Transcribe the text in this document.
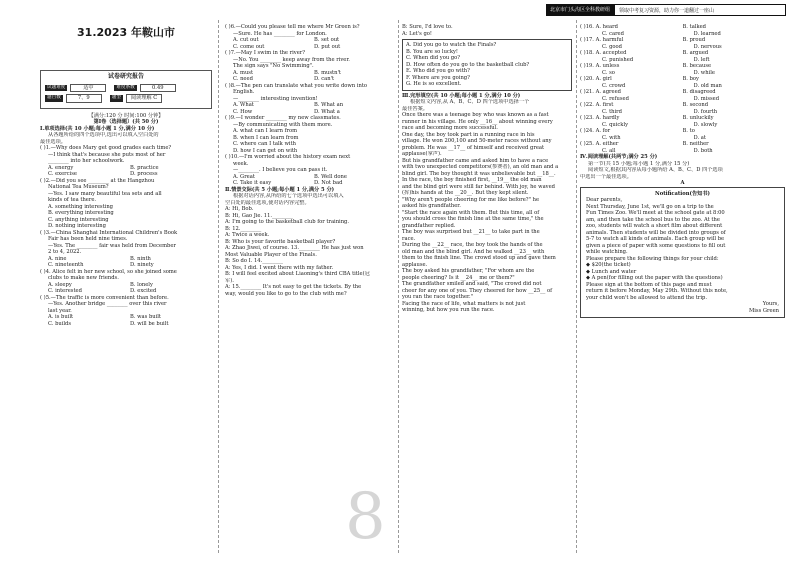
北京市门头沟区全科教研组	领取中考复习资源，助力你一道翻过一座山
31.2023 年鞍山市
试卷研究报告
试题难度	适中	难度系数	0.49
题目数	7、9	题型	阅读理解 C
【满分:120 分 时间:100 分钟】
第Ⅰ卷（选择题）(共 50 分)
Ⅰ.单项选择(共 10 小题;每小题 1 分,满分 10 分)
从各题所给的四个选项中,选出可以填入空白处的
最佳选项。
( )1.—Why does Mary get good grades each time?
—I think that's because she puts most of her
________ into her schoolwork.
A. energy	B. practice
C. exercise	D. process
( )2.—Did you see ________ at the Hangzhou
National Tea Museum?
—Yes. I saw many beautiful tea sets and all
kinds of tea there.
A. something interesting
B. everything interesting
C. anything interesting
D. nothing interesting
( )3.—China Shanghai International Children's Book
Fair has been held nine times.
—Yes. The ________ fair was held from December
2 to 4, 2022.
A. nine	B. ninth
C. nineteenth	D. ninety
( )4. Alice felt in her new school, so she joined some
clubs to make new friends.
A. sleepy	B. lonely
C. interested	D. excited
( )5.—The traffic is more convenient than before.
—Yes. Another bridge ________ over this river
last year.
A. is built	B. was built
C. builds	D. will be built
( )6.—Could you please tell me where Mr Green is?
—Sure. He has ________ for London.
A. cut out	B. set out
C. come out	D. put out
( )7.—May I swim in the river?
—No. You ________ keep away from the river.
The sign says "No Swimming".
A. must	B. mustn't
C. need	D. can't
( )8.—The pen can translate what you write down into
English.
—________ interesting invention!
A. What	B. What an
C. How	D. What a
( )9.—I wonder ________ my new classmates.
—By communicating with them more.
A. what can I learn from
B. when I can learn from
C. where can I talk with
D. how I can get on with
( )10.—I'm worried about the history exam next
week.
—________. I believe you can pass it.
A. Great	B. Well done
C. Take it easy	D. Not bad
Ⅱ.情景交际(共 5 小题;每小题 1 分,满分 5 分)
根据对话内容,从所给的七个选项中选出可以填入
空白处的最佳选项,使对话内容完整。
A: Hi, Bob.
B: Hi, Gao Jie. 11.________
A: I'm going to the basketball club for training.
B: 12.________
A: Twice a week.
B: Who is your favorite basketball player?
A: Zhao Jiwei, of course. 13.________ He has just won
Most Valuable Player of the Finals.
B: So do I. 14.________
A: Yes, I did. I went there with my father.
B: I will feel excited about Liaoning's third CBA title(冠
军).
A: 15.________ It's not easy to get the tickets. By the
way, would you like to go to the club with me?
B: Sure, I'd love to.
A: Let's go!
A. Did you go to watch the Finals?
B. You are so lucky!
C. When did you go?
D. How often do you go to the basketball club?
E. Who did you go with?
F. Where are you going?
G. He is so excellent.
Ⅲ.完形填空(共 10 小题;每小题 1 分,满分 10 分)
根据短文内容,从 A、B、C、D 四个选项中选择一个
最佳答案。
Once there was a teenage boy who was known as a fast
runner in his village. He only __16__ about winning every
race and becoming more successful.
One day, the boy took part in a running race in his
village. He won 200,100 and 50-meter races without any
problem. He was __17__ of himself and received great
applause(掌声).
But his grandfather came and asked him to have a race
with two unexpected competitors(参赛者), an old man and a
blind girl. The boy thought it was unbelievable but __18__.
In the race, the boy finished first, __19__ the old man
and the blind girl were still far behind. With joy, he waved
(挥)his hands at the __20__. But they kept silent.
"Why aren't people cheering for me like before?" he
asked his grandfather.
"Start the race again with them. But this time, all of
you should cross the finish line at the same time," the
grandfather replied.
The boy was surprised but __21__ to take part in the
race.
During the __22__ race, the boy took the hands of the
old man and the blind girl. And he walked __23__ with
them to the finish line. The crowd stood up and gave them
applause.
The boy asked his grandfather, "For whom are the
people cheering? Is it __24__ me or them?"
The grandfather smiled and said, "The crowd did not
cheer for any one of you. They cheered for how __25__ of
you ran the race together."
Facing the race of life, what matters is not just
winning, but how you run the race.
( )16. A. heard	B. talked
C. cared	D. learned
( )17. A. harmful	B. proud
C. good	D. nervous
( )18. A. accepted	B. argued
C. punished	D. left
( )19. A. unless	B. because
C. so	D. while
( )20. A. girl	B. boy
C. crowd	D. old man
( )21. A. agreed	B. disagreed
C. refused	D. missed
( )22. A. first	B. second
C. third	D. fourth
( )23. A. hardly	B. unluckily
C. quickly	D. slowly
( )24. A. for	B. to
C. with	D. at
( )25. A. either	B. neither
C. all	D. both
Ⅳ.阅读理解(共两节;满分 25 分)
第一节(共 15 小题;每小题 1 分,满分 15 分)
阅读短文,根据其内容从每小题所给 A、B、C、D 四个选项
中选出一个最佳选项。
A
Notification(告知书)
Dear parents,
Next Thursday, June 1st, we'll go on a trip to the
Fun Times Zoo. We'll meet at the school gate at 8:00
am, and then take the school bus to the zoo. At the
zoo, students will watch a short film about different
animals. Then students will be divided into groups of
5-7 to watch all kinds of animals. Each group will be
given a piece of paper with some questions to fill out
while watching.
Please prepare the following things for your child:
◆ $20(the ticket)
◆ Lunch and water
◆ A pen(for filling out the paper with the questions)
Please sign at the bottom of this page and must
return it before Monday, May 29th. Without this note,
your child won't be allowed to attend the trip.
Yours,
Miss Green
8
